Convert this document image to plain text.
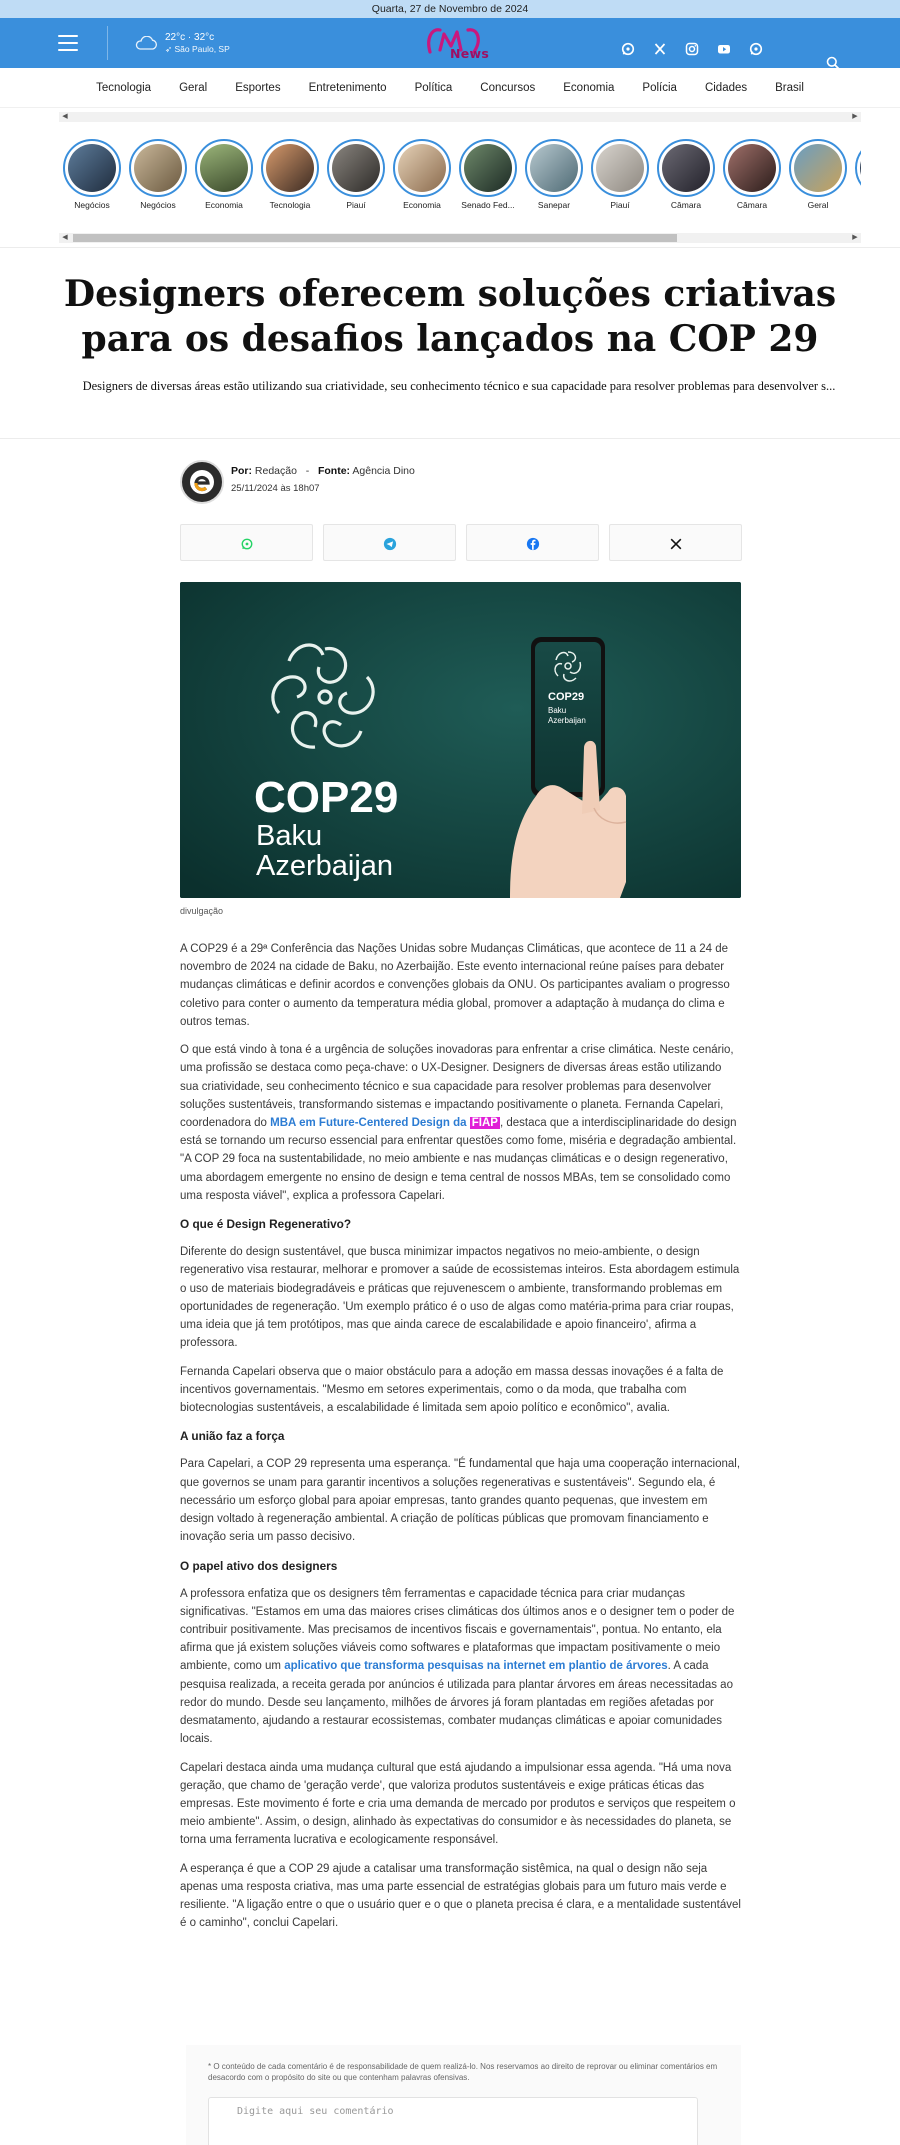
Quarta, 27 de Novembro de 2024
22°c · 32°c
➶ São Paulo, SP	News
Tecnologia	Geral	Esportes	Entretenimento	Política	Concursos	Economia	Polícia	Cidades	Brasil
◀	▶
Negócios	Negócios	Economia	Tecnologia	Piauí	Economia	Senado Fed...	Sanepar	Piauí	Câmara	Câmara	Geral
◀	▶
Designers oferecem soluções criativas para os desafios lançados na COP 29

Designers de diversas áreas estão utilizando sua criatividade, seu conhecimento técnico e sua capacidade para resolver problemas para desenvolver s...

Por: Redação   -   Fonte: Agência Dino
25/11/2024 às 18h07
COP29
Baku
Azerbaijan
COP29
Baku
Azerbaijan
divulgação

A COP29 é a 29ª Conferência das Nações Unidas sobre Mudanças Climáticas, que acontece de 11 a 24 de novembro de 2024 na cidade de Baku, no Azerbaijão. Este evento internacional reúne países para debater mudanças climáticas e definir acordos e convenções globais da ONU. Os participantes avaliam o progresso coletivo para conter o aumento da temperatura média global, promover a adaptação à mudança do clima e outros temas.

O que está vindo à tona é a urgência de soluções inovadoras para enfrentar a crise climática. Neste cenário, uma profissão se destaca como peça-chave: o UX-Designer. Designers de diversas áreas estão utilizando sua criatividade, seu conhecimento técnico e sua capacidade para resolver problemas para desenvolver soluções sustentáveis, transformando sistemas e impactando positivamente o planeta. Fernanda Capelari, coordenadora do MBA em Future-Centered Design da FIAP , destaca que a interdisciplinaridade do design está se tornando um recurso essencial para enfrentar questões como fome, miséria e degradação ambiental. "A COP 29 foca na sustentabilidade, no meio ambiente e nas mudanças climáticas e o design regenerativo, uma abordagem emergente no ensino de design e tema central de nossos MBAs, tem se consolidado como uma resposta viável", explica a professora Capelari.

O que é Design Regenerativo?

Diferente do design sustentável, que busca minimizar impactos negativos no meio-ambiente, o design regenerativo visa restaurar, melhorar e promover a saúde de ecossistemas inteiros. Esta abordagem estimula o uso de materiais biodegradáveis e práticas que rejuvenescem o ambiente, transformando problemas em oportunidades de regeneração. 'Um exemplo prático é o uso de algas como matéria-prima para criar roupas, uma ideia que já tem protótipos, mas que ainda carece de escalabilidade e apoio financeiro', afirma a professora.

Fernanda Capelari observa que o maior obstáculo para a adoção em massa dessas inovações é a falta de incentivos governamentais. "Mesmo em setores experimentais, como o da moda, que trabalha com biotecnologias sustentáveis, a escalabilidade é limitada sem apoio político e econômico", avalia.

A união faz a força

Para Capelari, a COP 29 representa uma esperança. "É fundamental que haja uma cooperação internacional, que governos se unam para garantir incentivos a soluções regenerativas e sustentáveis". Segundo ela, é necessário um esforço global para apoiar empresas, tanto grandes quanto pequenas, que investem em design voltado à regeneração ambiental. A criação de políticas públicas que promovam financiamento e inovação seria um passo decisivo.

O papel ativo dos designers

A professora enfatiza que os designers têm ferramentas e capacidade técnica para criar mudanças significativas. "Estamos em uma das maiores crises climáticas dos últimos anos e o designer tem o poder de contribuir positivamente. Mas precisamos de incentivos fiscais e governamentais", pontua. No entanto, ela afirma que já existem soluções viáveis como softwares e plataformas que impactam positivamente o meio ambiente, como um aplicativo que transforma pesquisas na internet em plantio de árvores. A cada pesquisa realizada, a receita gerada por anúncios é utilizada para plantar árvores em áreas necessitadas ao redor do mundo. Desde seu lançamento, milhões de árvores já foram plantadas em regiões afetadas por desmatamento, ajudando a restaurar ecossistemas, combater mudanças climáticas e apoiar comunidades locais.

Capelari destaca ainda uma mudança cultural que está ajudando a impulsionar essa agenda. "Há uma nova geração, que chamo de 'geração verde', que valoriza produtos sustentáveis e exige práticas éticas das empresas. Este movimento é forte e cria uma demanda de mercado por produtos e serviços que respeitem o meio ambiente". Assim, o design, alinhado às expectativas do consumidor e às necessidades do planeta, se torna uma ferramenta lucrativa e ecologicamente responsável.

A esperança é que a COP 29 ajude a catalisar uma transformação sistêmica, na qual o design não seja apenas uma resposta criativa, mas uma parte essencial de estratégias globais para um futuro mais verde e resiliente. "A ligação entre o que o usuário quer e o que o planeta precisa é clara, e a mentalidade sustentável é o caminho", conclui Capelari.

* O conteúdo de cada comentário é de responsabilidade de quem realizá-lo. Nos reservamos ao direito de reprovar ou eliminar comentários em desacordo com o propósito do site ou que contenham palavras ofensivas.
Digite aqui seu comentário
